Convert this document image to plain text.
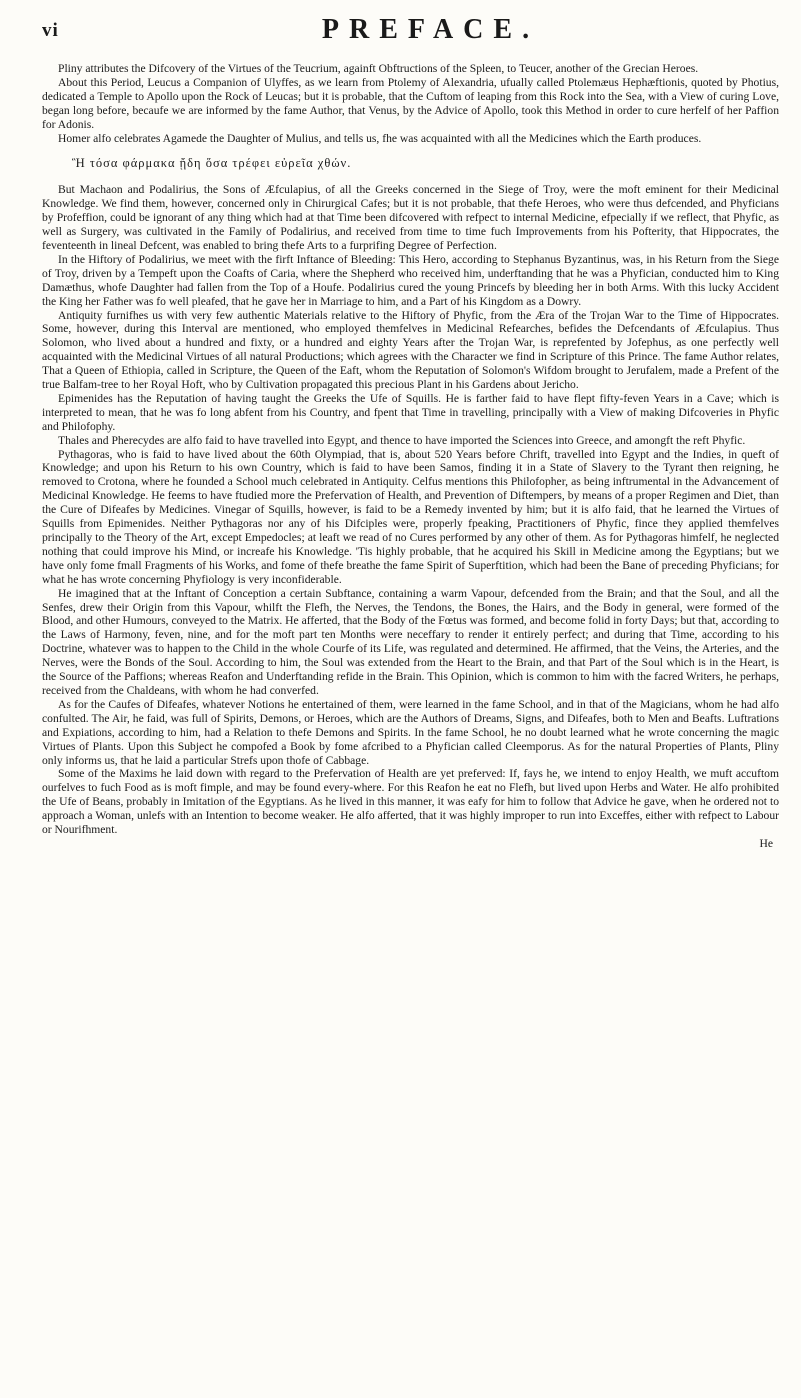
vi	PREFACE.

Pliny attributes the Difcovery of the Virtues of the Teucrium, againft Obftructions of the Spleen, to Teucer, another of the Grecian Heroes.

About this Period, Leucus a Companion of Ulyffes, as we learn from Ptolemy of Alexandria, ufually called Ptolemæus Hephæftionis, quoted by Photius, dedicated a Temple to Apollo upon the Rock of Leucas; but it is probable, that the Cuftom of leaping from this Rock into the Sea, with a View of curing Love, began long before, becaufe we are informed by the fame Author, that Venus, by the Advice of Apollo, took this Method in order to cure herfelf of her Paffion for Adonis.

Homer alfo celebrates Agamede the Daughter of Mulius, and tells us, fhe was acquainted with all the Medicines which the Earth produces.

Ἣ τόσα φάρμακα ᾔδη ὅσα τρέφει εὐρεῖα χθών.

But Machaon and Podalirius, the Sons of Æfculapius, of all the Greeks concerned in the Siege of Troy, were the moft eminent for their Medicinal Knowledge. We find them, however, concerned only in Chirurgical Cafes; but it is not probable, that thefe Heroes, who were thus defcended, and Phyficians by Profeffion, could be ignorant of any thing which had at that Time been difcovered with refpect to internal Medicine, efpecially if we reflect, that Phyfic, as well as Surgery, was cultivated in the Family of Podalirius, and received from time to time fuch Improvements from his Pofterity, that Hippocrates, the feventeenth in lineal Defcent, was enabled to bring thefe Arts to a furprifing Degree of Perfection.

In the Hiftory of Podalirius, we meet with the firft Inftance of Bleeding: This Hero, according to Stephanus Byzantinus, was, in his Return from the Siege of Troy, driven by a Tempeft upon the Coafts of Caria, where the Shepherd who received him, underftanding that he was a Phyfician, conducted him to King Damæthus, whofe Daughter had fallen from the Top of a Houfe. Podalirius cured the young Princefs by bleeding her in both Arms. With this lucky Accident the King her Father was fo well pleafed, that he gave her in Marriage to him, and a Part of his Kingdom as a Dowry.

Antiquity furnifhes us with very few authentic Materials relative to the Hiftory of Phyfic, from the Æra of the Trojan War to the Time of Hippocrates. Some, however, during this Interval are mentioned, who employed themfelves in Medicinal Refearches, befides the Defcendants of Æfculapius. Thus Solomon, who lived about a hundred and fixty, or a hundred and eighty Years after the Trojan War, is reprefented by Jofephus, as one perfectly well acquainted with the Medicinal Virtues of all natural Productions; which agrees with the Character we find in Scripture of this Prince. The fame Author relates, That a Queen of Ethiopia, called in Scripture, the Queen of the Eaft, whom the Reputation of Solomon's Wifdom brought to Jerufalem, made a Prefent of the true Balfam-tree to her Royal Hoft, who by Cultivation propagated this precious Plant in his Gardens about Jericho.

Epimenides has the Reputation of having taught the Greeks the Ufe of Squills. He is farther faid to have flept fifty-feven Years in a Cave; which is interpreted to mean, that he was fo long abfent from his Country, and fpent that Time in travelling, principally with a View of making Difcoveries in Phyfic and Philofophy.

Thales and Pherecydes are alfo faid to have travelled into Egypt, and thence to have imported the Sciences into Greece, and amongft the reft Phyfic.

Pythagoras, who is faid to have lived about the 60th Olympiad, that is, about 520 Years before Chrift, travelled into Egypt and the Indies, in queft of Knowledge; and upon his Return to his own Country, which is faid to have been Samos, finding it in a State of Slavery to the Tyrant then reigning, he removed to Crotona, where he founded a School much celebrated in Antiquity. Celfus mentions this Philofopher, as being inftrumental in the Advancement of Medicinal Knowledge. He feems to have ftudied more the Prefervation of Health, and Prevention of Diftempers, by means of a proper Regimen and Diet, than the Cure of Difeafes by Medicines. Vinegar of Squills, however, is faid to be a Remedy invented by him; but it is alfo faid, that he learned the Virtues of Squills from Epimenides. Neither Pythagoras nor any of his Difciples were, properly fpeaking, Practitioners of Phyfic, fince they applied themfelves principally to the Theory of the Art, except Empedocles; at leaft we read of no Cures performed by any other of them. As for Pythagoras himfelf, he neglected nothing that could improve his Mind, or increafe his Knowledge. 'Tis highly probable, that he acquired his Skill in Medicine among the Egyptians; but we have only fome fmall Fragments of his Works, and fome of thefe breathe the fame Spirit of Superftition, which had been the Bane of preceding Phyficians; for what he has wrote concerning Phyfiology is very inconfiderable.

He imagined that at the Inftant of Conception a certain Subftance, containing a warm Vapour, defcended from the Brain; and that the Soul, and all the Senfes, drew their Origin from this Vapour, whilft the Flefh, the Nerves, the Tendons, the Bones, the Hairs, and the Body in general, were formed of the Blood, and other Humours, conveyed to the Matrix. He afferted, that the Body of the Fœtus was formed, and become folid in forty Days; but that, according to the Laws of Harmony, feven, nine, and for the moft part ten Months were neceffary to render it entirely perfect; and during that Time, according to his Doctrine, whatever was to happen to the Child in the whole Courfe of its Life, was regulated and determined. He affirmed, that the Veins, the Arteries, and the Nerves, were the Bonds of the Soul. According to him, the Soul was extended from the Heart to the Brain, and that Part of the Soul which is in the Heart, is the Source of the Paffions; whereas Reafon and Underftanding refide in the Brain. This Opinion, which is common to him with the facred Writers, he perhaps, received from the Chaldeans, with whom he had converfed.

As for the Caufes of Difeafes, whatever Notions he entertained of them, were learned in the fame School, and in that of the Magicians, whom he had alfo confulted. The Air, he faid, was full of Spirits, Demons, or Heroes, which are the Authors of Dreams, Signs, and Difeafes, both to Men and Beafts. Luftrations and Expiations, according to him, had a Relation to thefe Demons and Spirits. In the fame School, he no doubt learned what he wrote concerning the magic Virtues of Plants. Upon this Subject he compofed a Book by fome afcribed to a Phyfician called Cleemporus. As for the natural Properties of Plants, Pliny only informs us, that he laid a particular Strefs upon thofe of Cabbage.

Some of the Maxims he laid down with regard to the Prefervation of Health are yet preferved: If, fays he, we intend to enjoy Health, we muft accuftom ourfelves to fuch Food as is moft fimple, and may be found every-where. For this Reafon he eat no Flefh, but lived upon Herbs and Water. He alfo prohibited the Ufe of Beans, probably in Imitation of the Egyptians. As he lived in this manner, it was eafy for him to follow that Advice he gave, when he ordered not to approach a Woman, unlefs with an Intention to become weaker. He alfo afferted, that it was highly improper to run into Exceffes, either with refpect to Labour or Nourifhment.

He
